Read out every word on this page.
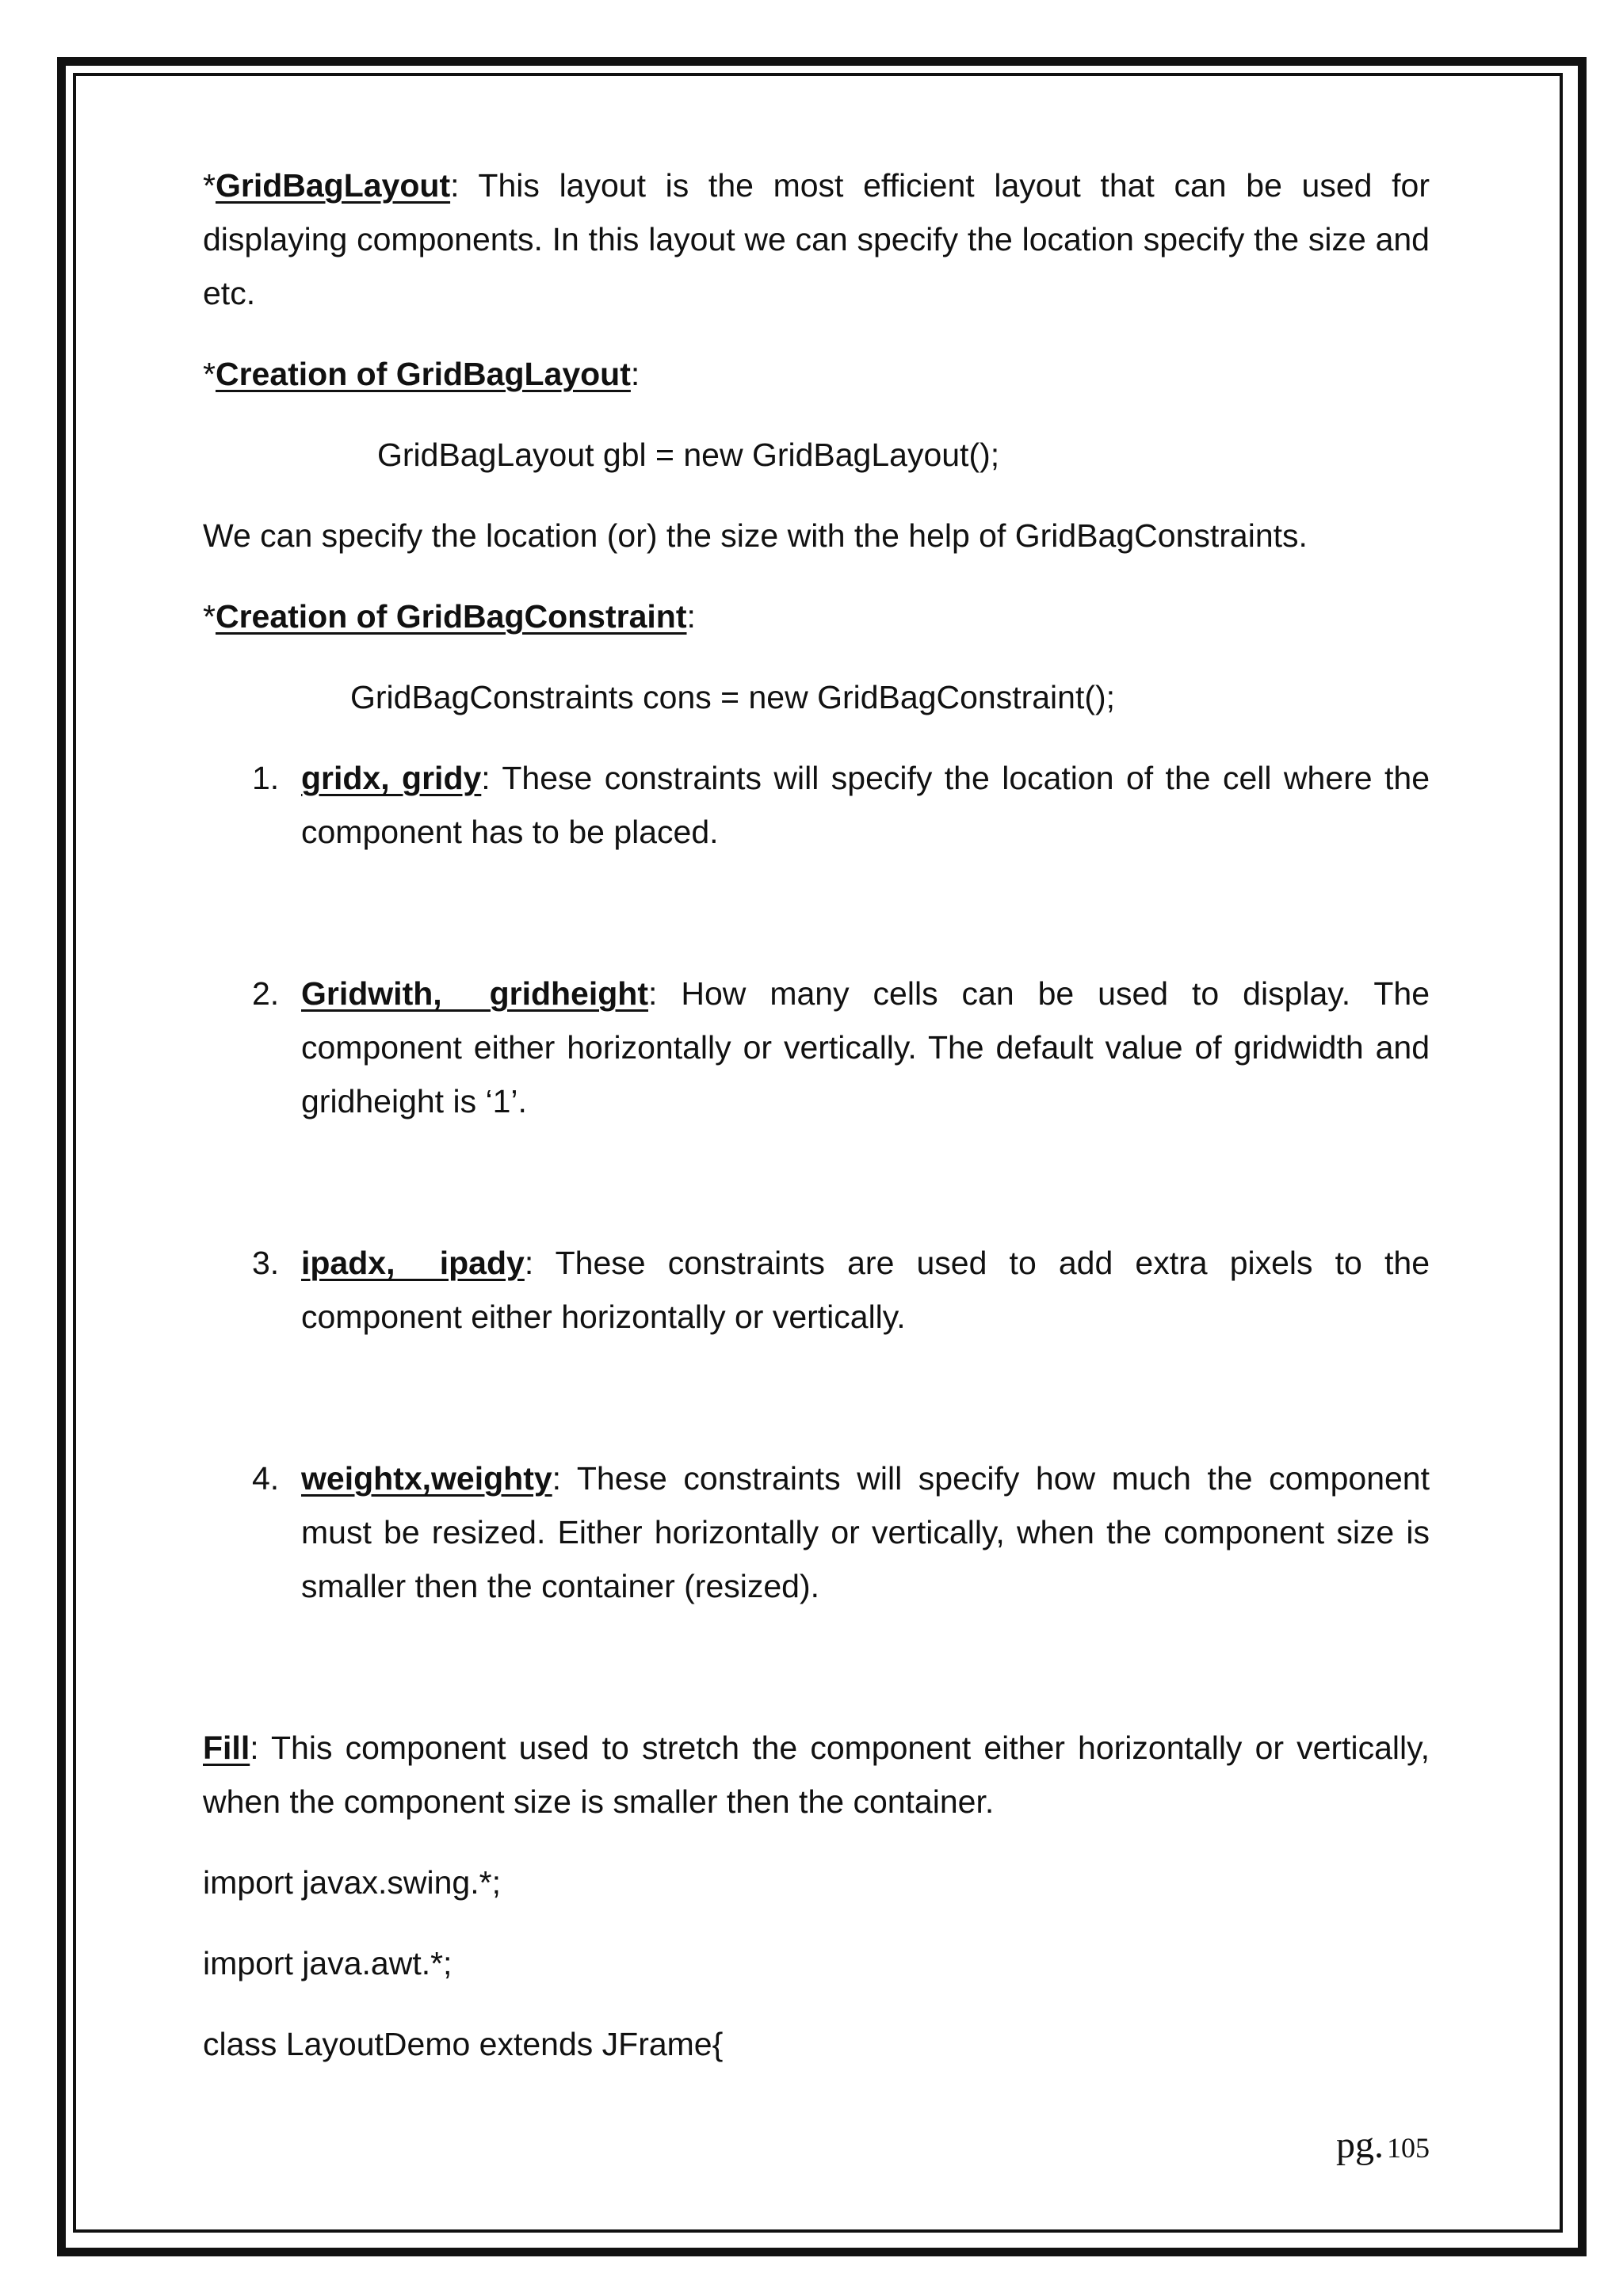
*GridBagLayout: This layout is the most efficient layout that can be used for displaying components. In this layout we can specify the location specify the size and etc.

*Creation of GridBagLayout:

GridBagLayout gbl = new GridBagLayout();

We can specify the location (or) the size with the help of GridBagConstraints.

*Creation of GridBagConstraint:

GridBagConstraints cons = new GridBagConstraint();

1. gridx, gridy: These constraints will specify the location of the cell where the component has to be placed.
2. Gridwith,  gridheight: How many cells can be used to display. The component either horizontally or vertically. The default value of gridwidth and gridheight is ‘1’.
3. ipadx,  ipady: These constraints are used to add extra pixels to the component either horizontally or vertically.
4. weightx,weighty: These constraints will specify how much the component must be resized. Either horizontally or vertically, when the component size is smaller then the container (resized).

Fill: This component used to stretch the component either horizontally or vertically, when the component size is smaller then the container.

import javax.swing.*;

import java.awt.*;

class LayoutDemo extends JFrame{

pg. 105
